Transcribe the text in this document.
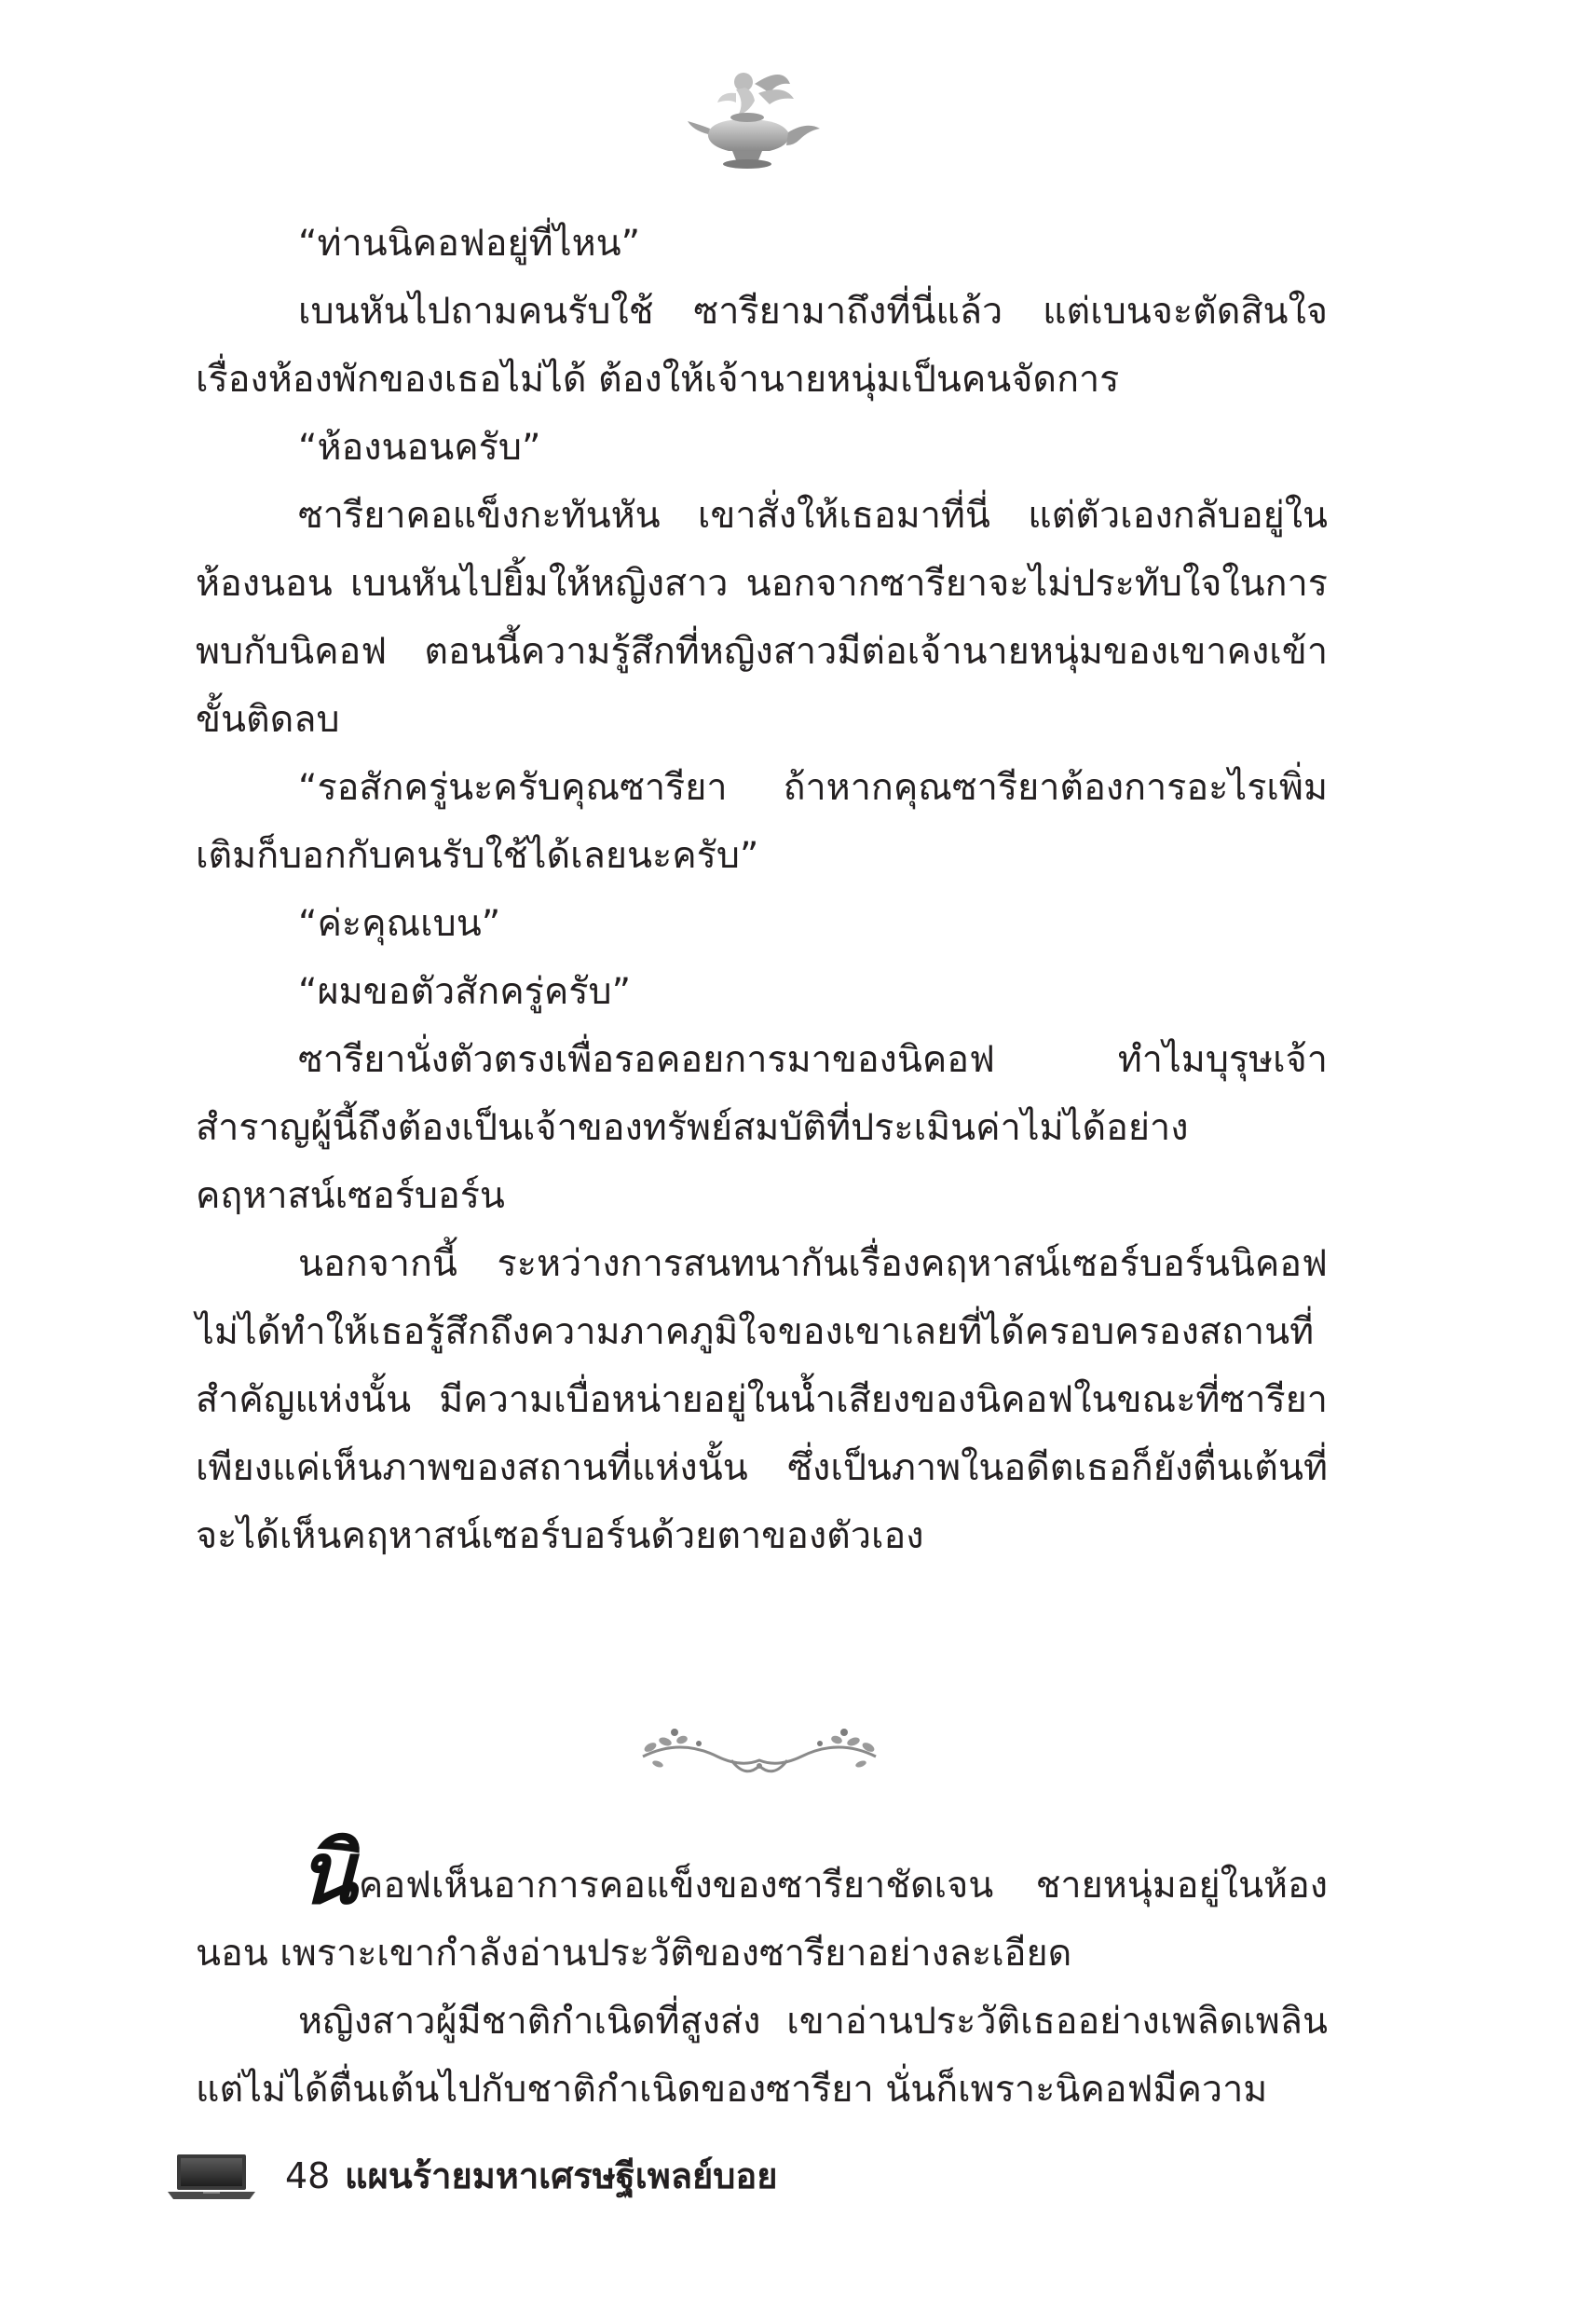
“ท่านนิคอฟอยู่ที่ไหน”

เบนหันไปถามคนรับใช้ ซารียามาถึงที่นี่แล้ว แต่เบนจะตัดสินใจเรื่องห้องพักของเธอไม่ได้ ต้องให้เจ้านายหนุ่มเป็นคนจัดการ

“ห้องนอนครับ”

ซารียาคอแข็งกะทันหัน เขาสั่งให้เธอมาที่นี่ แต่ตัวเองกลับอยู่ในห้องนอน เบนหันไปยิ้มให้หญิงสาว นอกจากซารียาจะไม่ประทับใจในการพบกับนิคอฟ ตอนนี้ความรู้สึกที่หญิงสาวมีต่อเจ้านายหนุ่มของเขาคงเข้าขั้นติดลบ

“รอสักครู่นะครับคุณซารียา ถ้าหากคุณซารียาต้องการอะไรเพิ่มเติมก็บอกกับคนรับใช้ได้เลยนะครับ”

“ค่ะคุณเบน”

“ผมขอตัวสักครู่ครับ”

ซารียานั่งตัวตรงเพื่อรอคอยการมาของนิคอฟ ทำไมบุรุษเจ้าสำราญผู้นี้ถึงต้องเป็นเจ้าของทรัพย์สมบัติที่ประเมินค่าไม่ได้อย่างคฤหาสน์เซอร์บอร์น

นอกจากนี้ ระหว่างการสนทนากันเรื่องคฤหาสน์เซอร์บอร์นนิคอฟไม่ได้ทำให้เธอรู้สึกถึงความภาคภูมิใจของเขาเลยที่ได้ครอบครองสถานที่สำคัญแห่งนั้น มีความเบื่อหน่ายอยู่ในน้ำเสียงของนิคอฟในขณะที่ซารียา เพียงแค่เห็นภาพของสถานที่แห่งนั้น ซึ่งเป็นภาพในอดีตเธอก็ยังตื่นเต้นที่จะได้เห็นคฤหาสน์เซอร์บอร์นด้วยตาของตัวเอง

นิคอฟเห็นอาการคอแข็งของซารียาชัดเจน ชายหนุ่มอยู่ในห้องนอน เพราะเขากำลังอ่านประวัติของซารียาอย่างละเอียด

หญิงสาวผู้มีชาติกำเนิดที่สูงส่ง เขาอ่านประวัติเธออย่างเพลิดเพลินแต่ไม่ได้ตื่นเต้นไปกับชาติกำเนิดของซารียา นั่นก็เพราะนิคอฟมีความ

48 แผนร้ายมหาเศรษฐีเพลย์บอย
